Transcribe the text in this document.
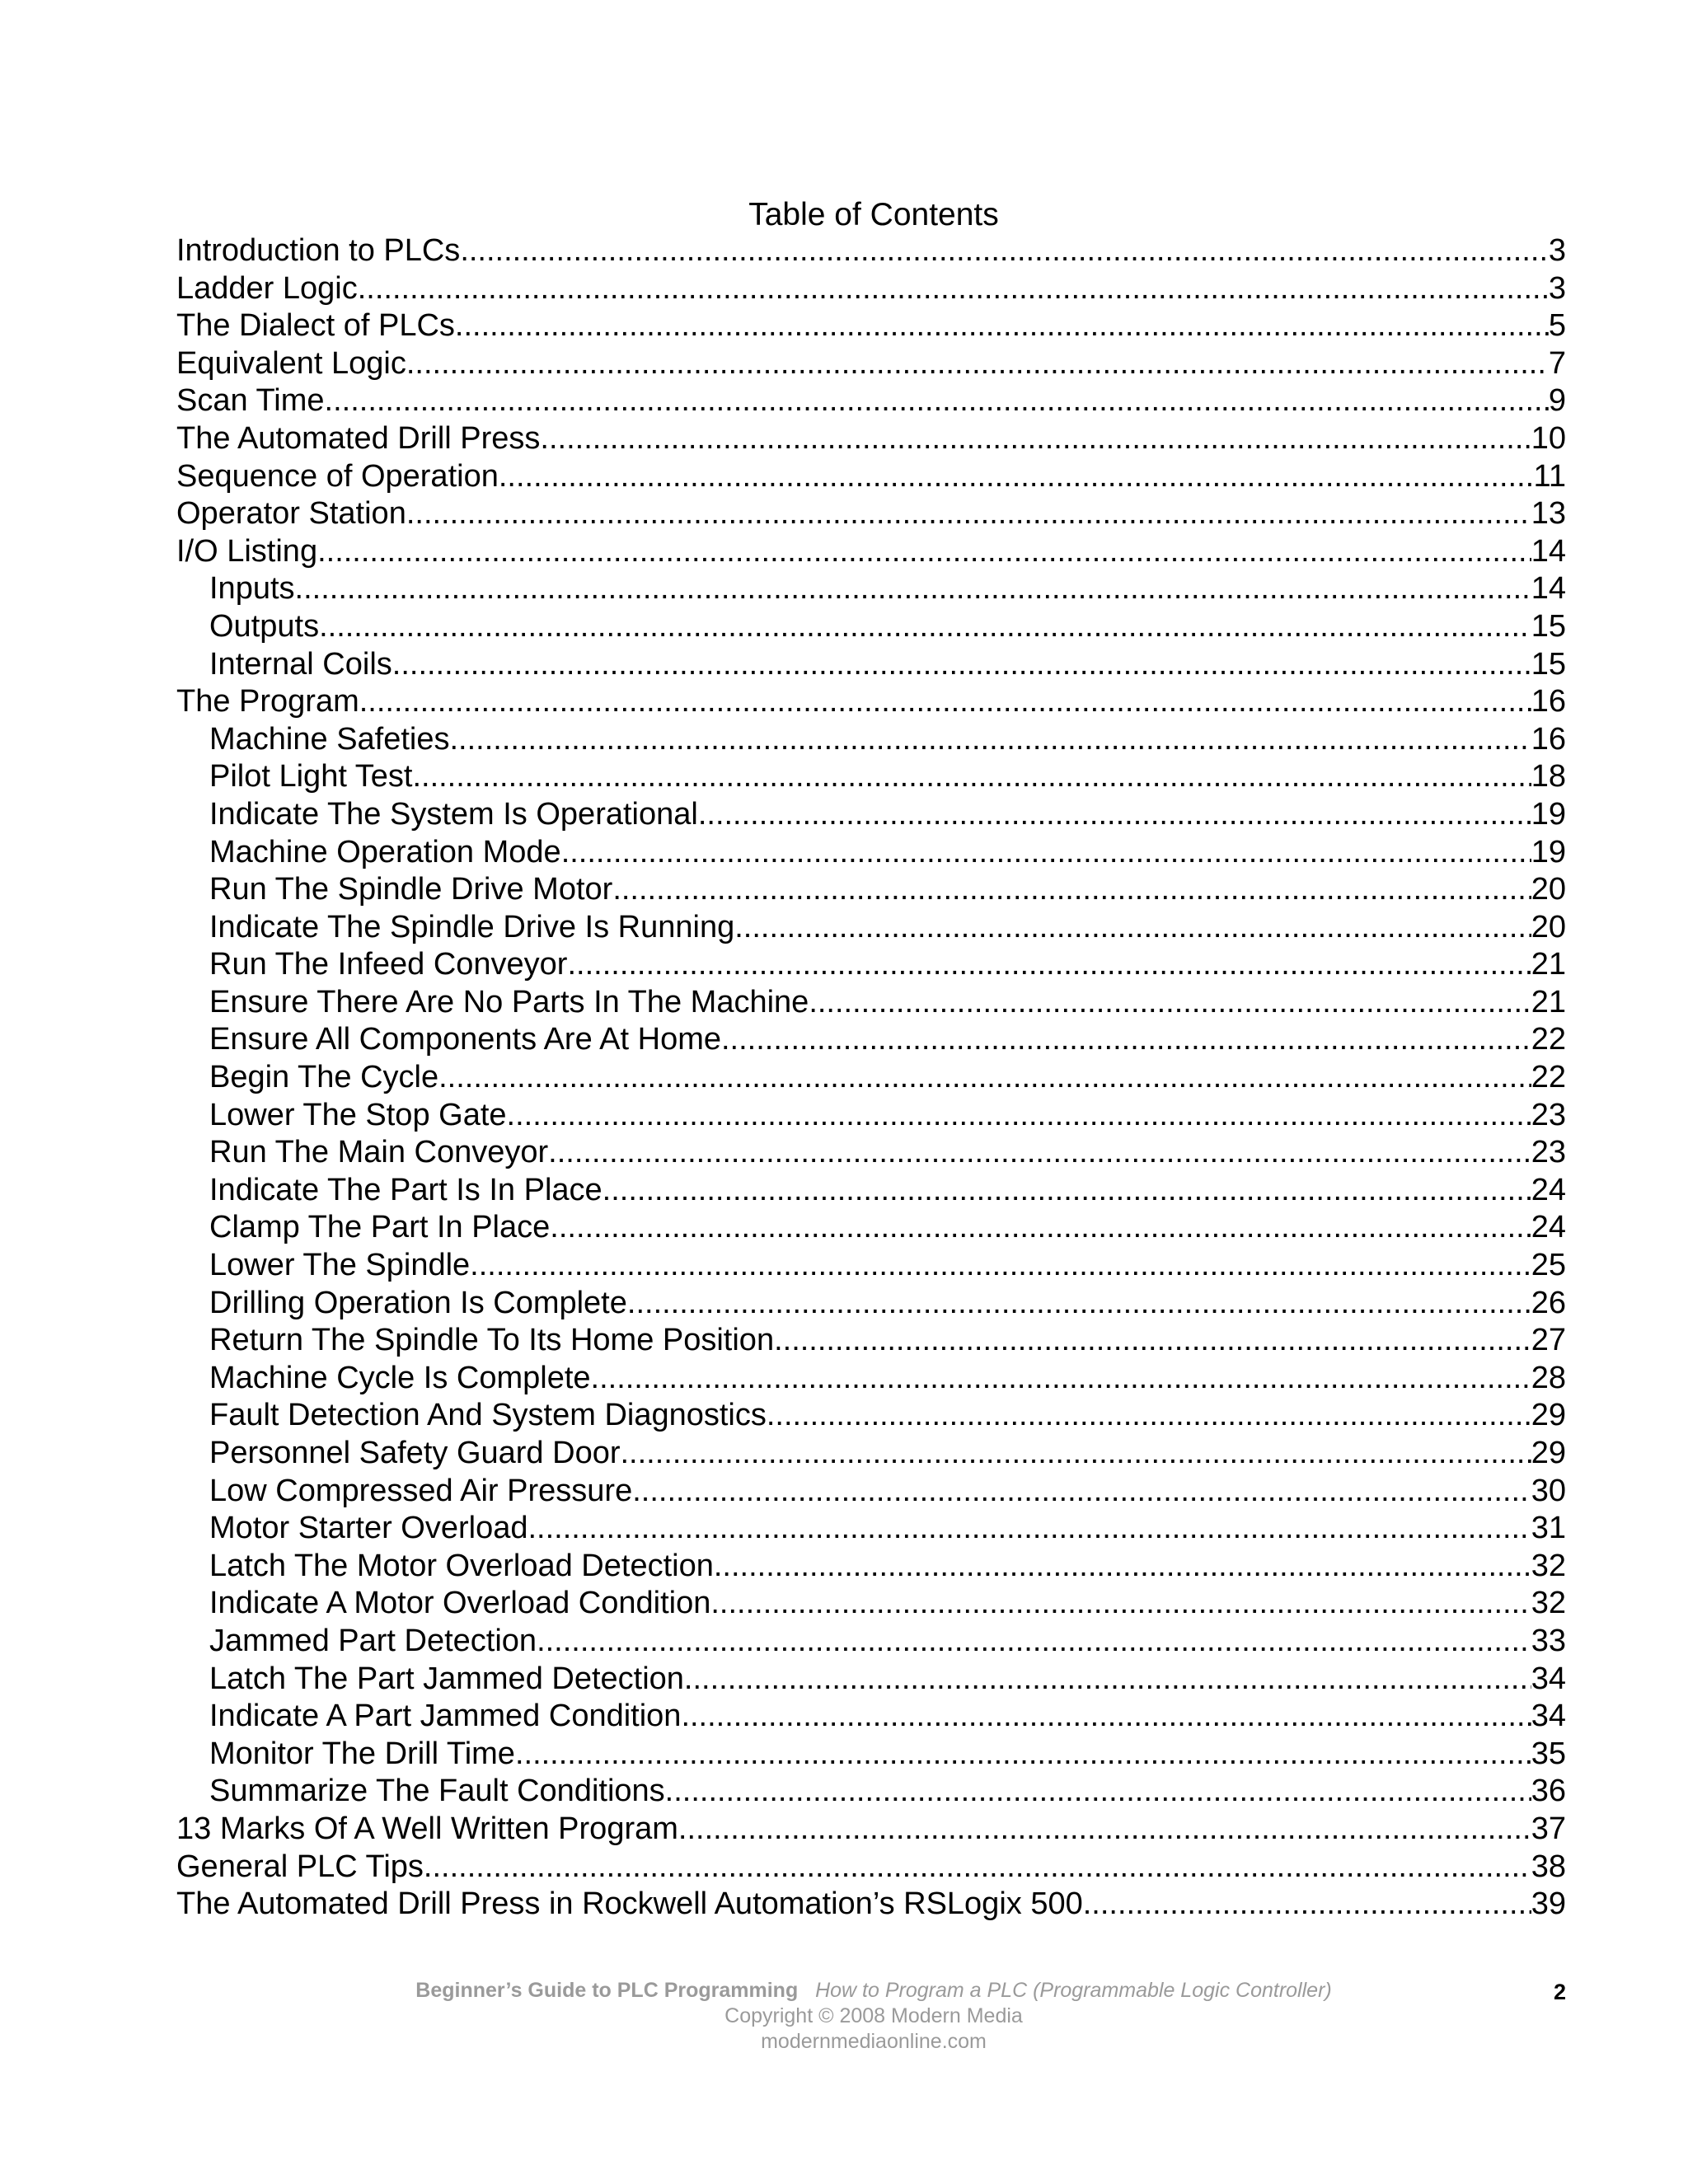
Table of Contents
Introduction to PLCs .....	3
Ladder Logic .....	3
The Dialect of PLCs .....	5
Equivalent Logic .....	7
Scan Time .....	9
The Automated Drill Press .....	10
Sequence of Operation .....	11
Operator Station .....	13
I/O Listing .....	14
Inputs .....	14
Outputs .....	15
Internal Coils .....	15
The Program .....	16
Machine Safeties .....	16
Pilot Light Test .....	18
Indicate The System Is Operational .....	19
Machine Operation Mode .....	19
Run The Spindle Drive Motor .....	20
Indicate The Spindle Drive Is Running .....	20
Run The Infeed Conveyor .....	21
Ensure There Are No Parts In The Machine .....	21
Ensure All Components Are At Home .....	22
Begin The Cycle .....	22
Lower The Stop Gate .....	23
Run The Main Conveyor .....	23
Indicate The Part Is In Place .....	24
Clamp The Part In Place .....	24
Lower The Spindle .....	25
Drilling Operation Is Complete .....	26
Return The Spindle To Its Home Position .....	27
Machine Cycle Is Complete .....	28
Fault Detection And System Diagnostics .....	29
Personnel Safety Guard Door .....	29
Low Compressed Air Pressure .....	30
Motor Starter Overload .....	31
Latch The Motor Overload Detection .....	32
Indicate A Motor Overload Condition .....	32
Jammed Part Detection .....	33
Latch The Part Jammed Detection .....	34
Indicate A Part Jammed Condition .....	34
Monitor The Drill Time .....	35
Summarize The Fault Conditions .....	36
13 Marks Of A Well Written Program .....	37
General PLC Tips .....	38
The Automated Drill Press in Rockwell Automation’s RSLogix 500 .....	39
Beginner’s Guide to PLC Programming How to Program a PLC (Programmable Logic Controller)
Copyright © 2008 Modern Media
modernmediaonline.com
2
